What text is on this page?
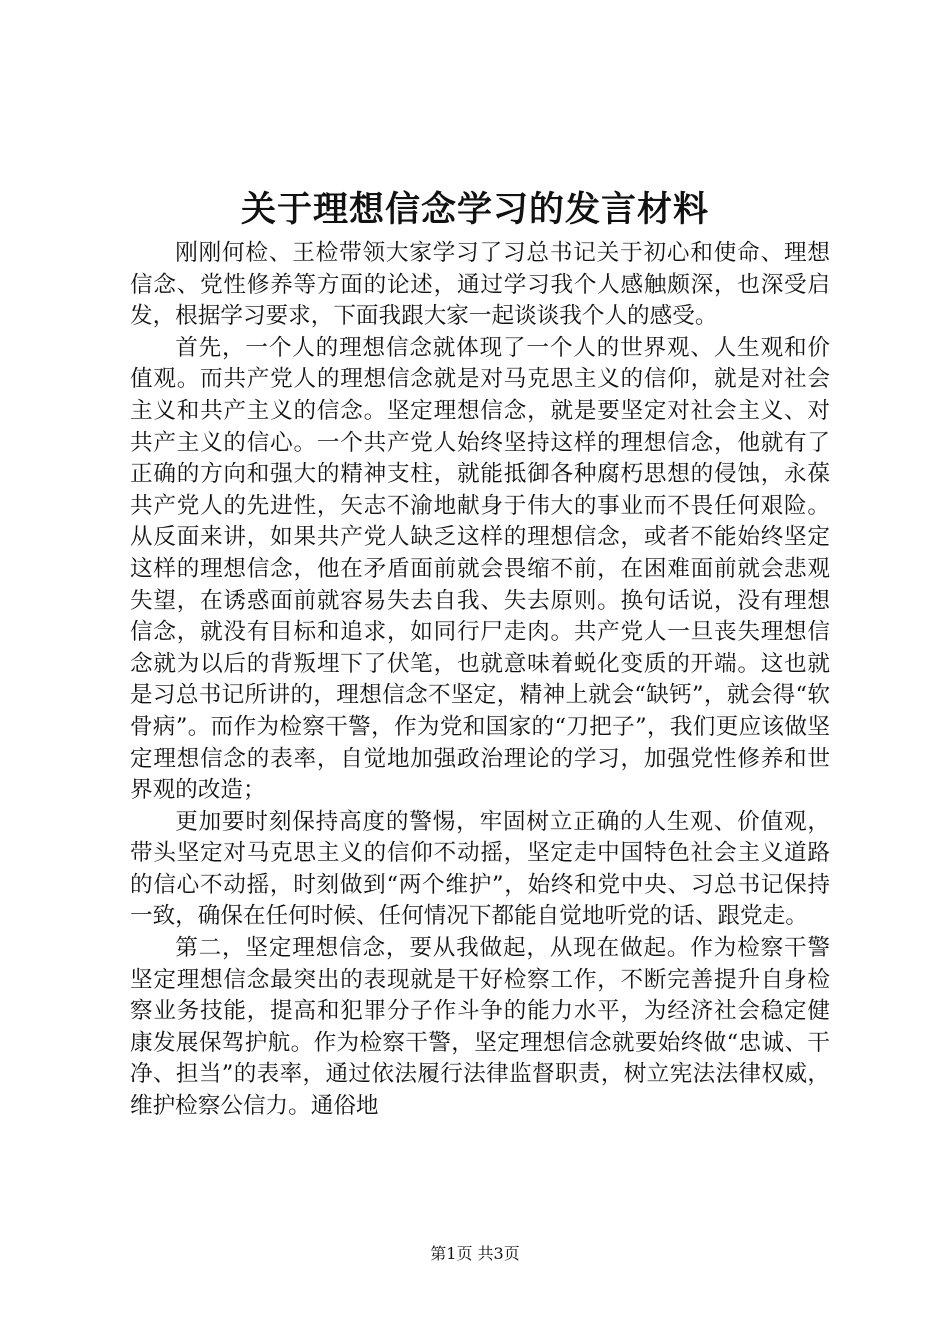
关于理想信念学习的发言材料

刚刚何检、王检带领大家学习了习总书记关于初心和使命、理想信念、党性修养等方面的论述，通过学习我个人感触颇深，也深受启发，根据学习要求，下面我跟大家一起谈谈我个人的感受。

首先，一个人的理想信念就体现了一个人的世界观、人生观和价值观。而共产党人的理想信念就是对马克思主义的信仰，就是对社会主义和共产主义的信念。坚定理想信念，就是要坚定对社会主义、对共产主义的信心。一个共产党人始终坚持这样的理想信念，他就有了正确的方向和强大的精神支柱，就能抵御各种腐朽思想的侵蚀，永葆共产党人的先进性，矢志不渝地献身于伟大的事业而不畏任何艰险。从反面来讲，如果共产党人缺乏这样的理想信念，或者不能始终坚定这样的理想信念，他在矛盾面前就会畏缩不前，在困难面前就会悲观失望，在诱惑面前就容易失去自我、失去原则。换句话说，没有理想信念，就没有目标和追求，如同行尸走肉。共产党人一旦丧失理想信念就为以后的背叛埋下了伏笔，也就意味着蜕化变质的开端。这也就是习总书记所讲的，理想信念不坚定，精神上就会“缺钙”，就会得“软骨病”。而作为检察干警，作为党和国家的“刀把子”，我们更应该做坚定理想信念的表率，自觉地加强政治理论的学习，加强党性修养和世界观的改造；

更加要时刻保持高度的警惕，牢固树立正确的人生观、价值观，带头坚定对马克思主义的信仰不动摇，坚定走中国特色社会主义道路的信心不动摇，时刻做到“两个维护”，始终和党中央、习总书记保持一致，确保在任何时候、任何情况下都能自觉地听党的话、跟党走。

第二，坚定理想信念，要从我做起，从现在做起。作为检察干警坚定理想信念最突出的表现就是干好检察工作，不断完善提升自身检察业务技能，提高和犯罪分子作斗争的能力水平，为经济社会稳定健康发展保驾护航。作为检察干警，坚定理想信念就要始终做“忠诚、干净、担当”的表率，通过依法履行法律监督职责，树立宪法法律权威，维护检察公信力。通俗地

第1页 共3页
